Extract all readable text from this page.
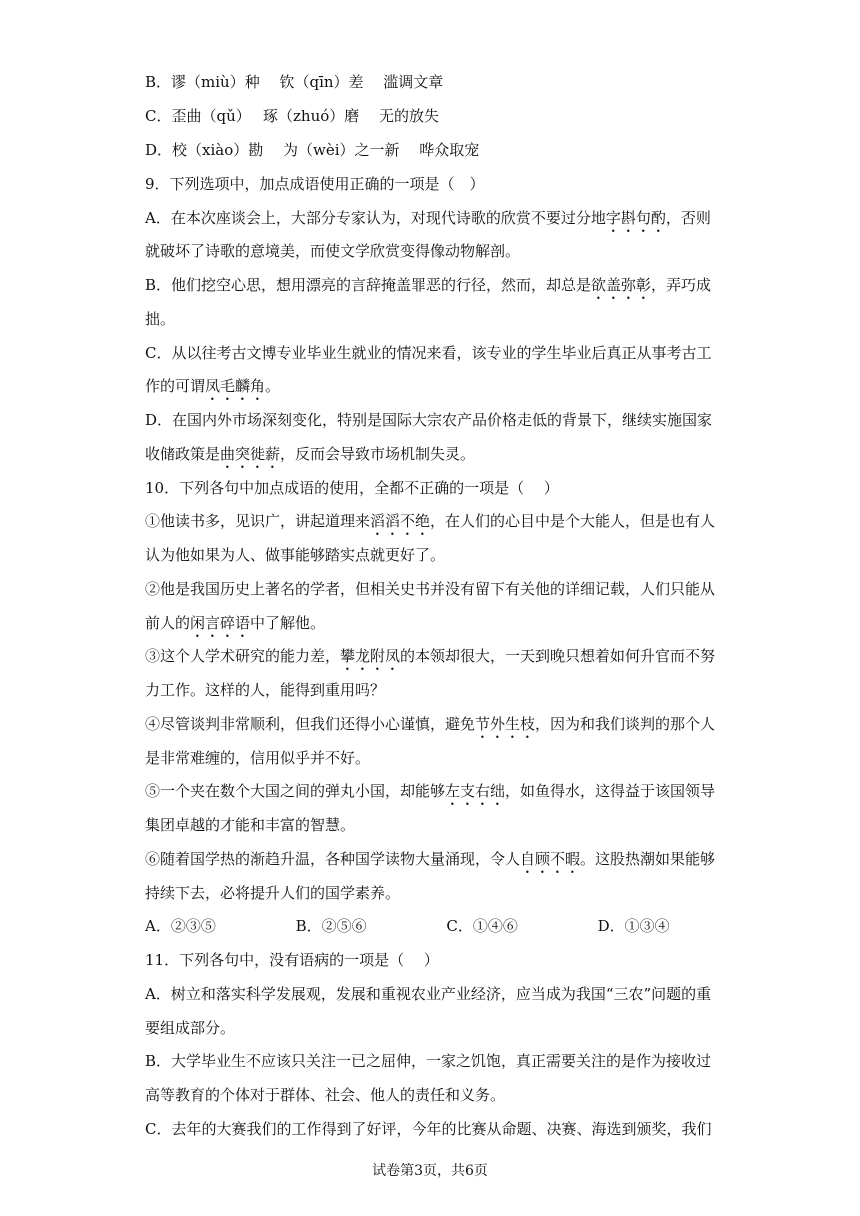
B．谬（miù）种　 钦（qīn）差　 滥调文章
C．歪曲（qǔ）　 琢（zhuó）磨　 无的放失
D．校（xiào）勘　 为（wèi）之一新　 哗众取宠
9．下列选项中，加点成语使用正确的一项是（　）
A．在本次座谈会上，大部分专家认为，对现代诗歌的欣赏不要过分地字斟句酌，否则
就破坏了诗歌的意境美，而使文学欣赏变得像动物解剖。
B．他们挖空心思，想用漂亮的言辞掩盖罪恶的行径，然而，却总是欲盖弥彰，弄巧成
拙。
C．从以往考古文博专业毕业生就业的情况来看，该专业的学生毕业后真正从事考古工
作的可谓凤毛麟角。
D．在国内外市场深刻变化，特别是国际大宗农产品价格走低的背景下，继续实施国家
收储政策是曲突徙薪，反而会导致市场机制失灵。
10．下列各句中加点成语的使用，全都不正确的一项是（　 ）
①他读书多，见识广，讲起道理来滔滔不绝，在人们的心目中是个大能人，但是也有人
认为他如果为人、做事能够踏实点就更好了。
②他是我国历史上著名的学者，但相关史书并没有留下有关他的详细记载，人们只能从
前人的闲言碎语中了解他。
③这个人学术研究的能力差，攀龙附凤的本领却很大，一天到晚只想着如何升官而不努
力工作。这样的人，能得到重用吗？
④尽管谈判非常顺利，但我们还得小心谨慎，避免节外生枝，因为和我们谈判的那个人
是非常难缠的，信用似乎并不好。
⑤一个夹在数个大国之间的弹丸小国，却能够左支右绌，如鱼得水，这得益于该国领导
集团卓越的才能和丰富的智慧。
⑥随着国学热的渐趋升温，各种国学读物大量涌现，令人自顾不暇。这股热潮如果能够
持续下去，必将提升人们的国学素养。
A．②③⑤　　　　　 B．②⑤⑥　　　　　 C．①④⑥　　　　　 D．①③④
11．下列各句中，没有语病的一项是（　 ）
A．树立和落实科学发展观，发展和重视农业产业经济，应当成为我国“三农”问题的重
要组成部分。
B．大学毕业生不应该只关注一已之屈伸，一家之饥饱，真正需要关注的是作为接收过
高等教育的个体对于群体、社会、他人的责任和义务。
C．去年的大赛我们的工作得到了好评，今年的比赛从命题、决赛、海选到颁奖，我们
试卷第3页，共6页
